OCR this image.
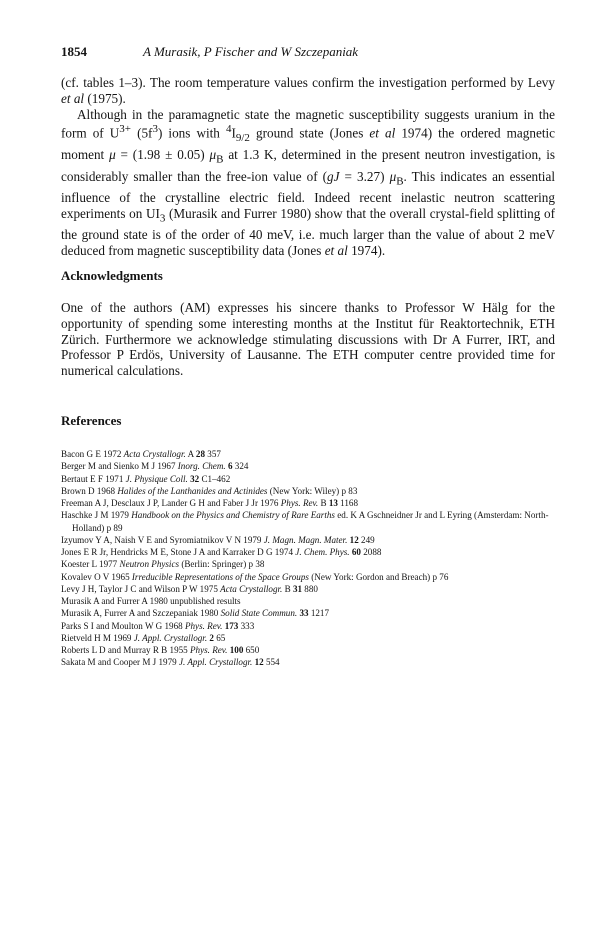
1854	A Murasik, P Fischer and W Szczepaniak

(cf. tables 1–3). The room temperature values confirm the investigation performed by Levy et al (1975).

Although in the paramagnetic state the magnetic susceptibility suggests uranium in the form of $U^{3+}$ $(5f^3)$ ions with $^4I_{9/2}$ ground state (Jones et al 1974) the ordered magnetic moment μ = (1.98 ± 0.05) $\mu_B$ at 1.3 K, determined in the present neutron investigation, is considerably smaller than the free-ion value of (gJ = 3.27) $\mu_B$. This indicates an essential influence of the crystalline electric field. Indeed recent inelastic neutron scattering experiments on $UI_3$ (Murasik and Furrer 1980) show that the overall crystal-field splitting of the ground state is of the order of 40 meV, i.e. much larger than the value of about 2 meV deduced from magnetic susceptibility data (Jones et al 1974).

Acknowledgments

One of the authors (AM) expresses his sincere thanks to Professor W Hälg for the opportunity of spending some interesting months at the Institut für Reaktortechnik, ETH Zürich. Furthermore we acknowledge stimulating discussions with Dr A Furrer, IRT, and Professor P Erdös, University of Lausanne. The ETH computer centre provided time for numerical calculations.

References
Bacon G E 1972 Acta Crystallogr. A 28 357
Berger M and Sienko M J 1967 Inorg. Chem. 6 324
Bertaut E F 1971 J. Physique Coll. 32 C1–462
Brown D 1968 Halides of the Lanthanides and Actinides (New York: Wiley) p 83
Freeman A J, Desclaux J P, Lander G H and Faber J Jr 1976 Phys. Rev. B 13 1168
Haschke J M 1979 Handbook on the Physics and Chemistry of Rare Earths ed. K A Gschneidner Jr and L Eyring (Amsterdam: North-Holland) p 89
Izyumov Y A, Naish V E and Syromiatnikov V N 1979 J. Magn. Magn. Mater. 12 249
Jones E R Jr, Hendricks M E, Stone J A and Karraker D G 1974 J. Chem. Phys. 60 2088
Koester L 1977 Neutron Physics (Berlin: Springer) p 38
Kovalev O V 1965 Irreducible Representations of the Space Groups (New York: Gordon and Breach) p 76
Levy J H, Taylor J C and Wilson P W 1975 Acta Crystallogr. B 31 880
Murasik A and Furrer A 1980 unpublished results
Murasik A, Furrer A and Szczepaniak 1980 Solid State Commun. 33 1217
Parks S I and Moulton W G 1968 Phys. Rev. 173 333
Rietveld H M 1969 J. Appl. Crystallogr. 2 65
Roberts L D and Murray R B 1955 Phys. Rev. 100 650
Sakata M and Cooper M J 1979 J. Appl. Crystallogr. 12 554
